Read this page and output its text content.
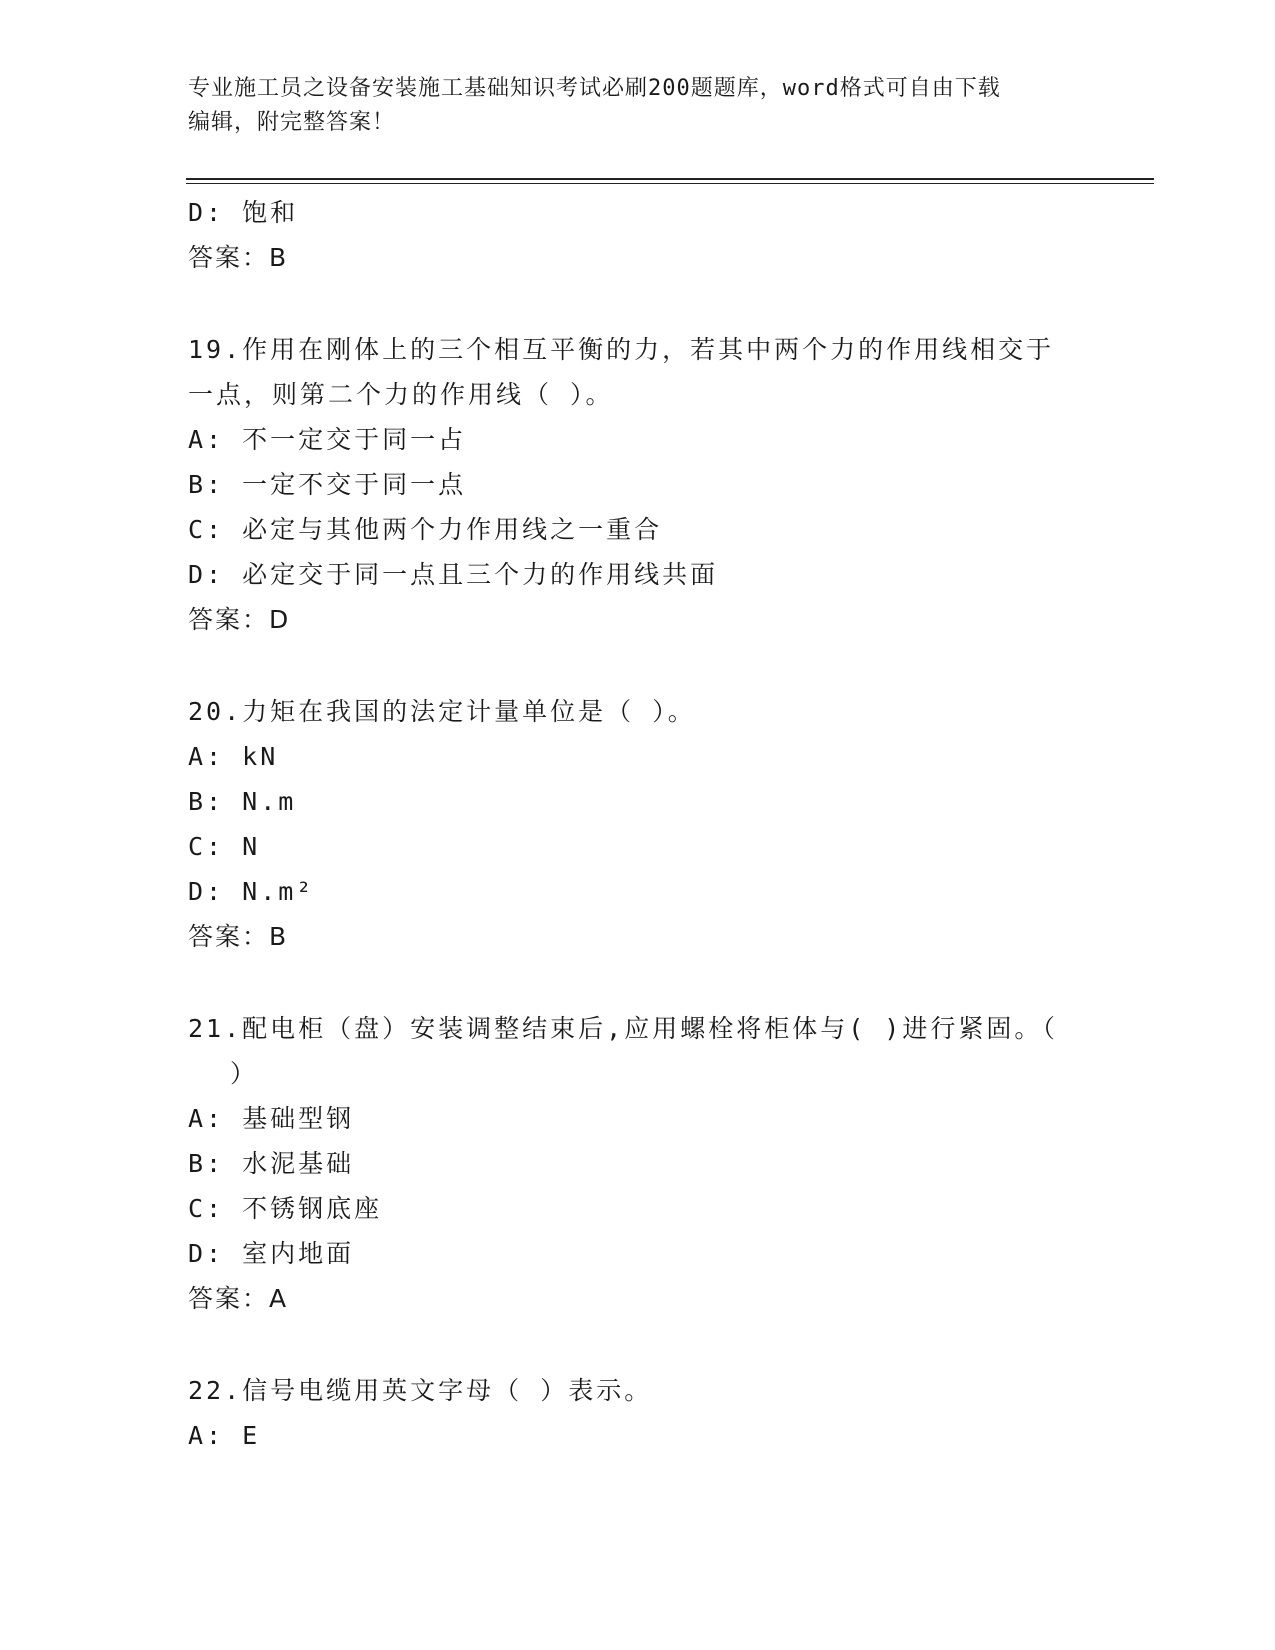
专业施工员之设备安装施工基础知识考试必刷200题题库，word格式可自由下载
编辑，附完整答案！
D: 饱和
答案：B
19.作用在刚体上的三个相互平衡的力，若其中两个力的作用线相交于
一点，则第二个力的作用线（ ）。
A: 不一定交于同一占
B: 一定不交于同一点
C: 必定与其他两个力作用线之一重合
D: 必定交于同一点且三个力的作用线共面
答案：D
20.力矩在我国的法定计量单位是（ ）。
A: kN
B: N.m
C: N
D: N.m²
答案：B
21.配电柜（盘）安装调整结束后,应用螺栓将柜体与( )进行紧固。（
）
A: 基础型钢
B: 水泥基础
C: 不锈钢底座
D: 室内地面
答案：A
22.信号电缆用英文字母（ ）表示。
A: E
